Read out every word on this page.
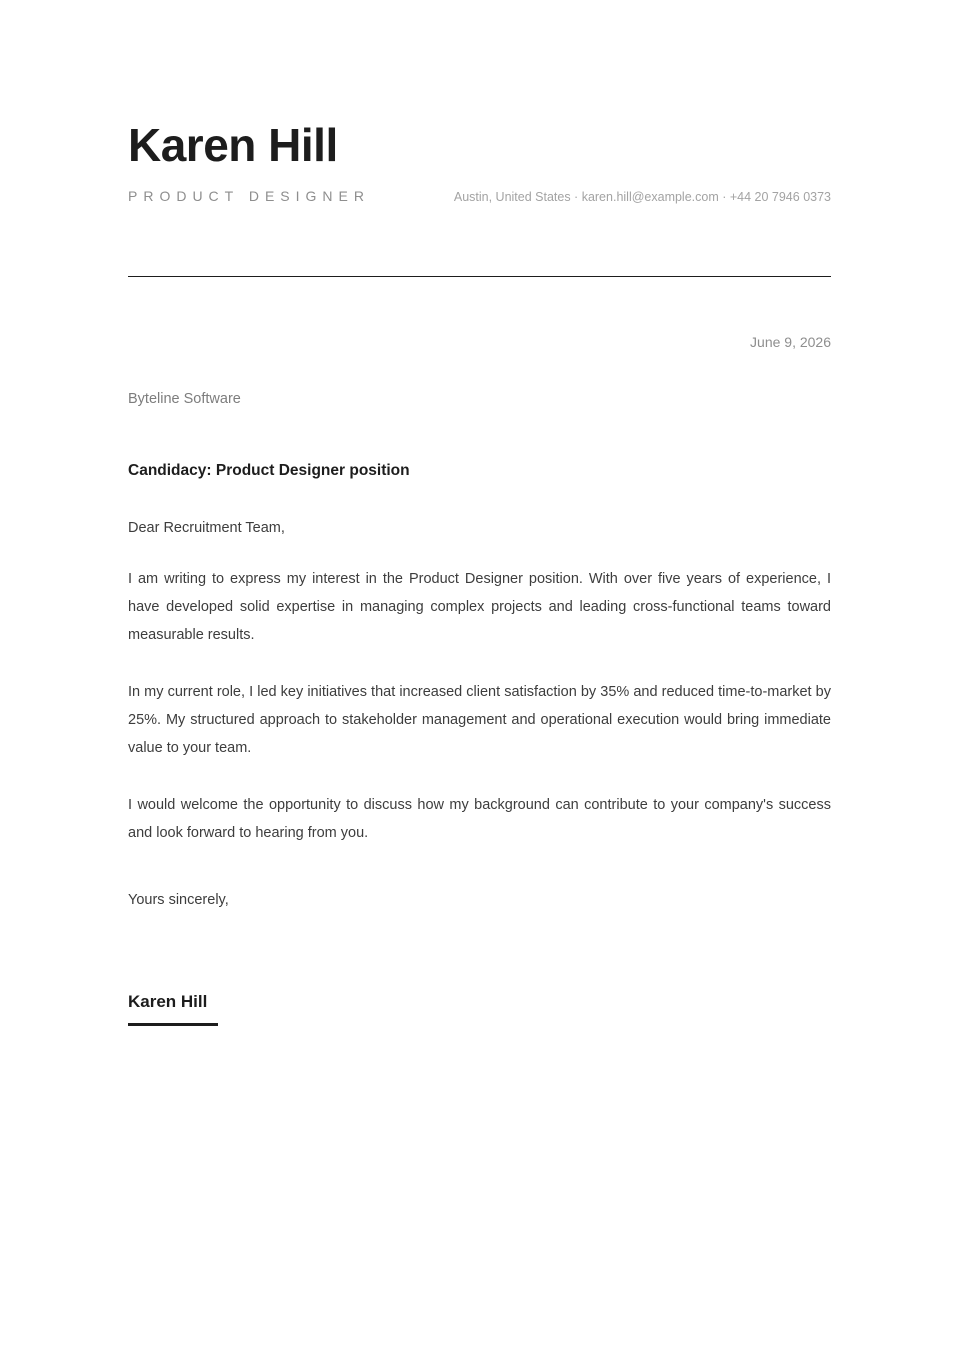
Karen Hill
PRODUCT DESIGNER	Austin, United States · karen.hill@example.com · +44 20 7946 0373
June 9, 2026
Byteline Software
Candidacy: Product Designer position
Dear Recruitment Team,

I am writing to express my interest in the Product Designer position. With over five years of experience, I have developed solid expertise in managing complex projects and leading cross-functional teams toward measurable results.

In my current role, I led key initiatives that increased client satisfaction by 35% and reduced time-to-market by 25%. My structured approach to stakeholder management and operational execution would bring immediate value to your team.

I would welcome the opportunity to discuss how my background can contribute to your company's success and look forward to hearing from you.

Yours sincerely,
Karen Hill
